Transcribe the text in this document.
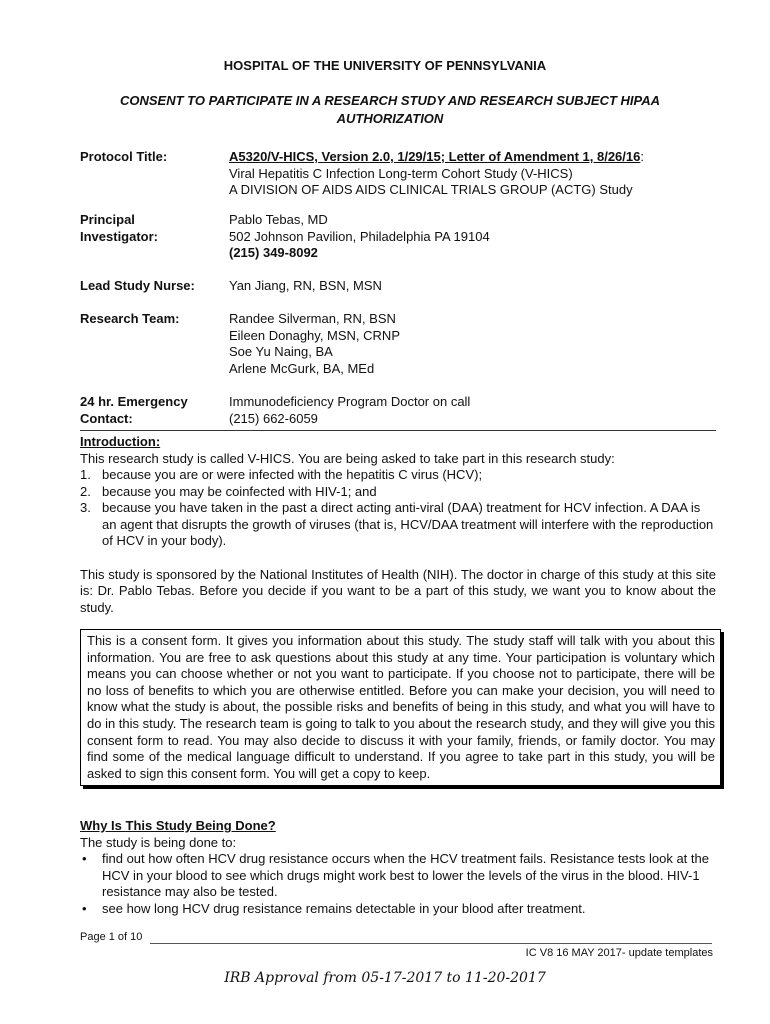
HOSPITAL OF THE UNIVERSITY OF PENNSYLVANIA
CONSENT TO PARTICIPATE IN A RESEARCH STUDY AND RESEARCH SUBJECT HIPAA AUTHORIZATION
Protocol Title:	A5320/V-HICS, Version 2.0, 1/29/15; Letter of Amendment 1, 8/26/16:
Viral Hepatitis C Infection Long-term Cohort Study (V-HICS)
A DIVISION OF AIDS AIDS CLINICAL TRIALS GROUP (ACTG) Study
Principal
Investigator:
Pablo Tebas, MD
502 Johnson Pavilion, Philadelphia PA 19104
(215) 349-8092
Lead Study Nurse:	Yan Jiang, RN, BSN, MSN
Research Team:	Randee Silverman, RN, BSN
Eileen Donaghy, MSN, CRNP
Soe Yu Naing, BA
Arlene McGurk, BA, MEd
24 hr. Emergency
Contact:
Immunodeficiency Program Doctor on call
(215) 662-6059

Introduction:

This research study is called V-HICS. You are being asked to take part in this research study:

1. because you are or were infected with the hepatitis C virus (HCV);
2. because you may be coinfected with HIV-1; and
3. because you have taken in the past a direct acting anti-viral (DAA) treatment for HCV infection. A DAA is an agent that disrupts the growth of viruses (that is, HCV/DAA treatment will interfere with the reproduction of HCV in your body).

This study is sponsored by the National Institutes of Health (NIH). The doctor in charge of this study at this site is: Dr. Pablo Tebas. Before you decide if you want to be a part of this study, we want you to know about the study.

This is a consent form. It gives you information about this study. The study staff will talk with you about this information. You are free to ask questions about this study at any time. Your participation is voluntary which means you can choose whether or not you want to participate. If you choose not to participate, there will be no loss of benefits to which you are otherwise entitled. Before you can make your decision, you will need to know what the study is about, the possible risks and benefits of being in this study, and what you will have to do in this study. The research team is going to talk to you about the research study, and they will give you this consent form to read. You may also decide to discuss it with your family, friends, or family doctor. You may find some of the medical language difficult to understand. If you agree to take part in this study, you will be asked to sign this consent form. You will get a copy to keep.

Why Is This Study Being Done?

The study is being done to:

• find out how often HCV drug resistance occurs when the HCV treatment fails. Resistance tests look at the HCV in your blood to see which drugs might work best to lower the levels of the virus in the blood. HIV-1 resistance may also be tested.
• see how long HCV drug resistance remains detectable in your blood after treatment.
Page 1 of 10
IC V8 16 MAY 2017- update templates
IRB Approval from 05-17-2017 to 11-20-2017
